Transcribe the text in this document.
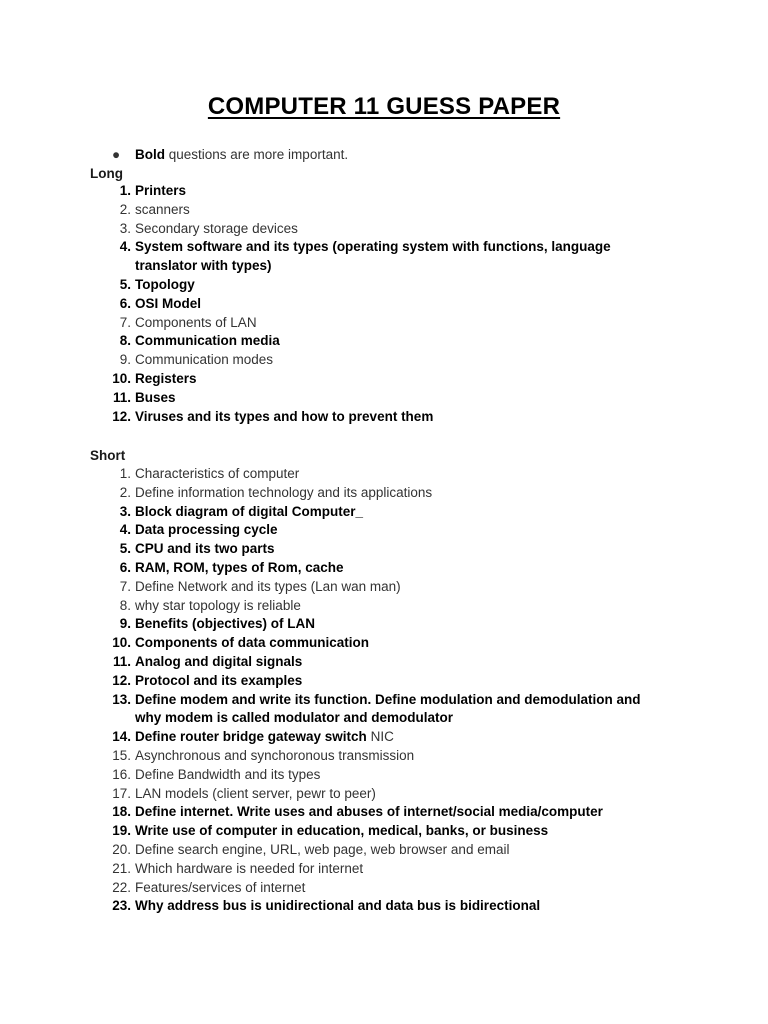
COMPUTER 11 GUESS PAPER
● Bold questions are more important.
Long
1. Printers
2. scanners
3. Secondary storage devices
4. System software and its types (operating system with functions, language translator with types)
5. Topology
6. OSI Model
7. Components of LAN
8. Communication media
9. Communication modes
10. Registers
11. Buses
12. Viruses and its types and how to prevent them
Short
1. Characteristics of computer
2. Define information technology and its applications
3. Block diagram of digital Computer_
4. Data processing cycle
5. CPU and its two parts
6. RAM, ROM, types of Rom, cache
7. Define Network and its types (Lan wan man)
8. why star topology is reliable
9. Benefits (objectives) of LAN
10. Components of data communication
11. Analog and digital signals
12. Protocol and its examples
13. Define modem and write its function. Define modulation and demodulation and why modem is called modulator and demodulator
14. Define router bridge gateway switch NIC
15. Asynchronous and synchoronous transmission
16. Define Bandwidth and its types
17. LAN models (client server, pewr to peer)
18. Define internet. Write uses and abuses of internet/social media/computer
19. Write use of computer in education, medical, banks, or business
20. Define search engine, URL, web page, web browser and email
21. Which hardware is needed for internet
22. Features/services of internet
23. Why address bus is unidirectional and data bus is bidirectional
